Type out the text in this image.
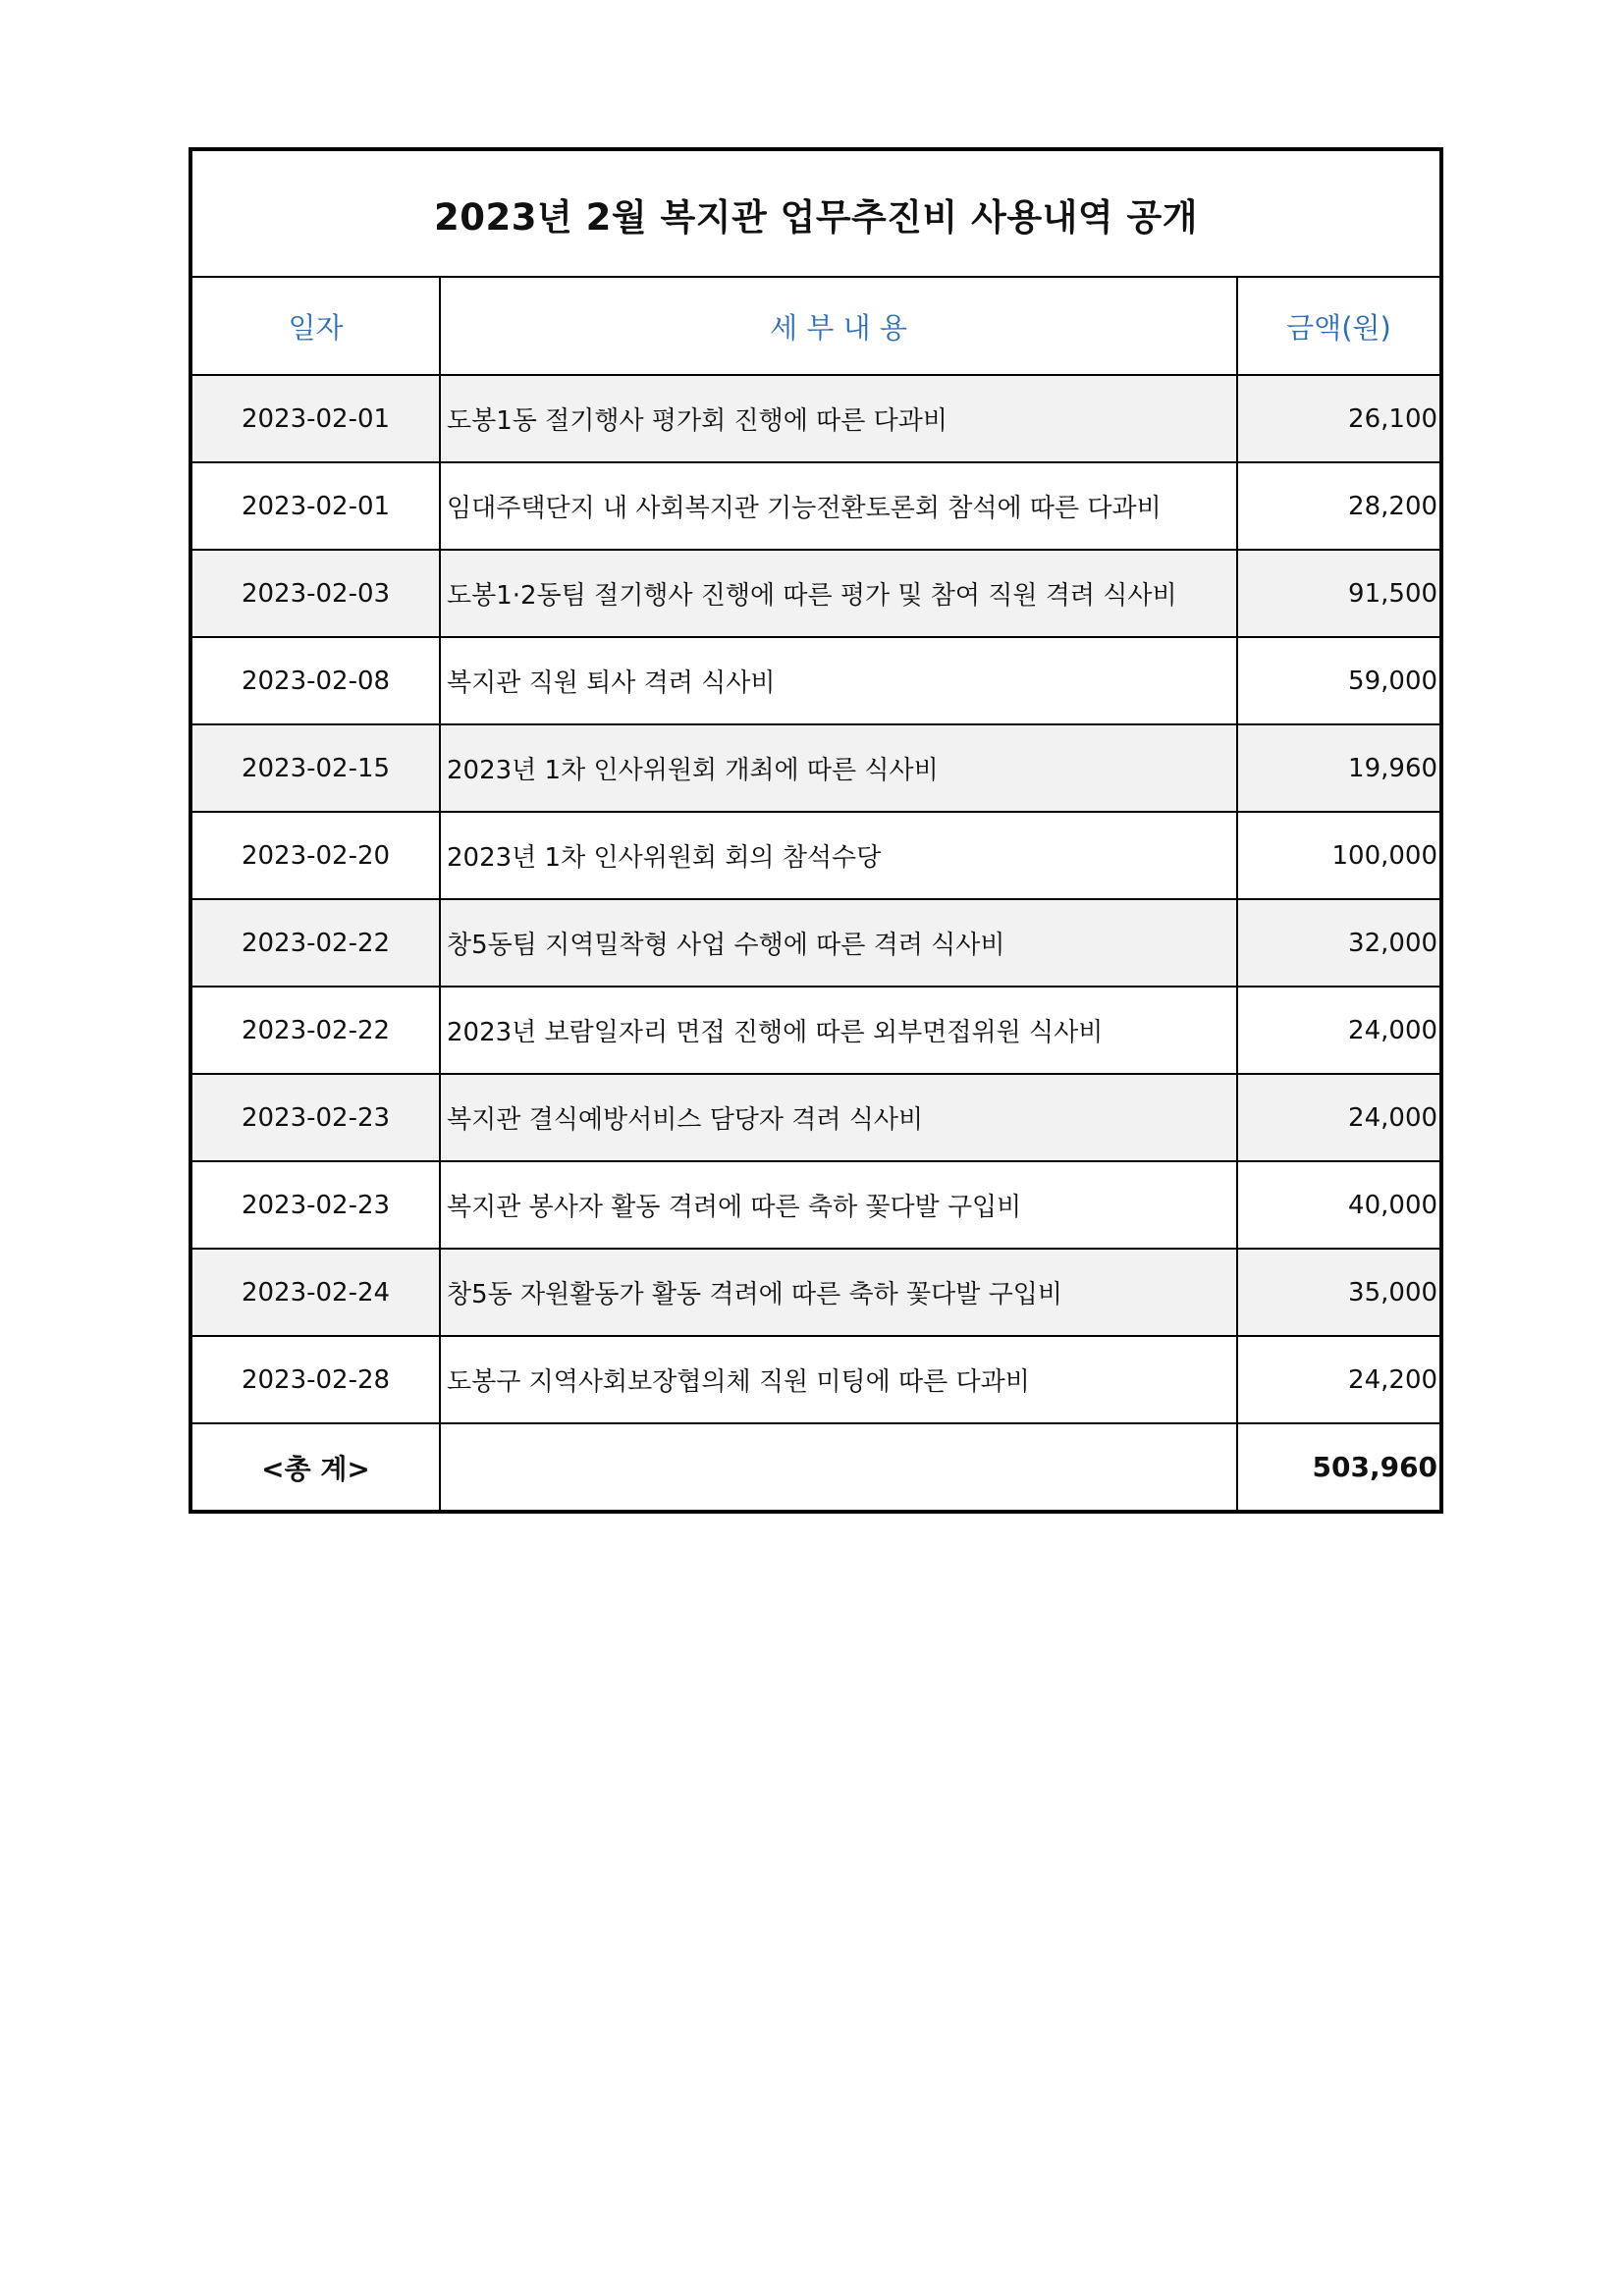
2023년 2월 복지관 업무추진비 사용내역 공개		
일자	세 부 내 용	금액(원)
2023-02-01	도봉1동 절기행사 평가회 진행에 따른 다과비	26,100
2023-02-01	임대주택단지 내 사회복지관 기능전환토론회 참석에 따른 다과비	28,200
2023-02-03	도봉1·2동팀 절기행사 진행에 따른 평가 및 참여 직원 격려 식사비	91,500
2023-02-08	복지관 직원 퇴사 격려 식사비	59,000
2023-02-15	2023년 1차 인사위원회 개최에 따른 식사비	19,960
2023-02-20	2023년 1차 인사위원회 회의 참석수당	100,000
2023-02-22	창5동팀 지역밀착형 사업 수행에 따른 격려 식사비	32,000
2023-02-22	2023년 보람일자리 면접 진행에 따른 외부면접위원 식사비	24,000
2023-02-23	복지관 결식예방서비스 담당자 격려 식사비	24,000
2023-02-23	복지관 봉사자 활동 격려에 따른 축하 꽃다발 구입비	40,000
2023-02-24	창5동 자원활동가 활동 격려에 따른 축하 꽃다발 구입비	35,000
2023-02-28	도봉구 지역사회보장협의체 직원 미팅에 따른 다과비	24,200
<총 계>		503,960
